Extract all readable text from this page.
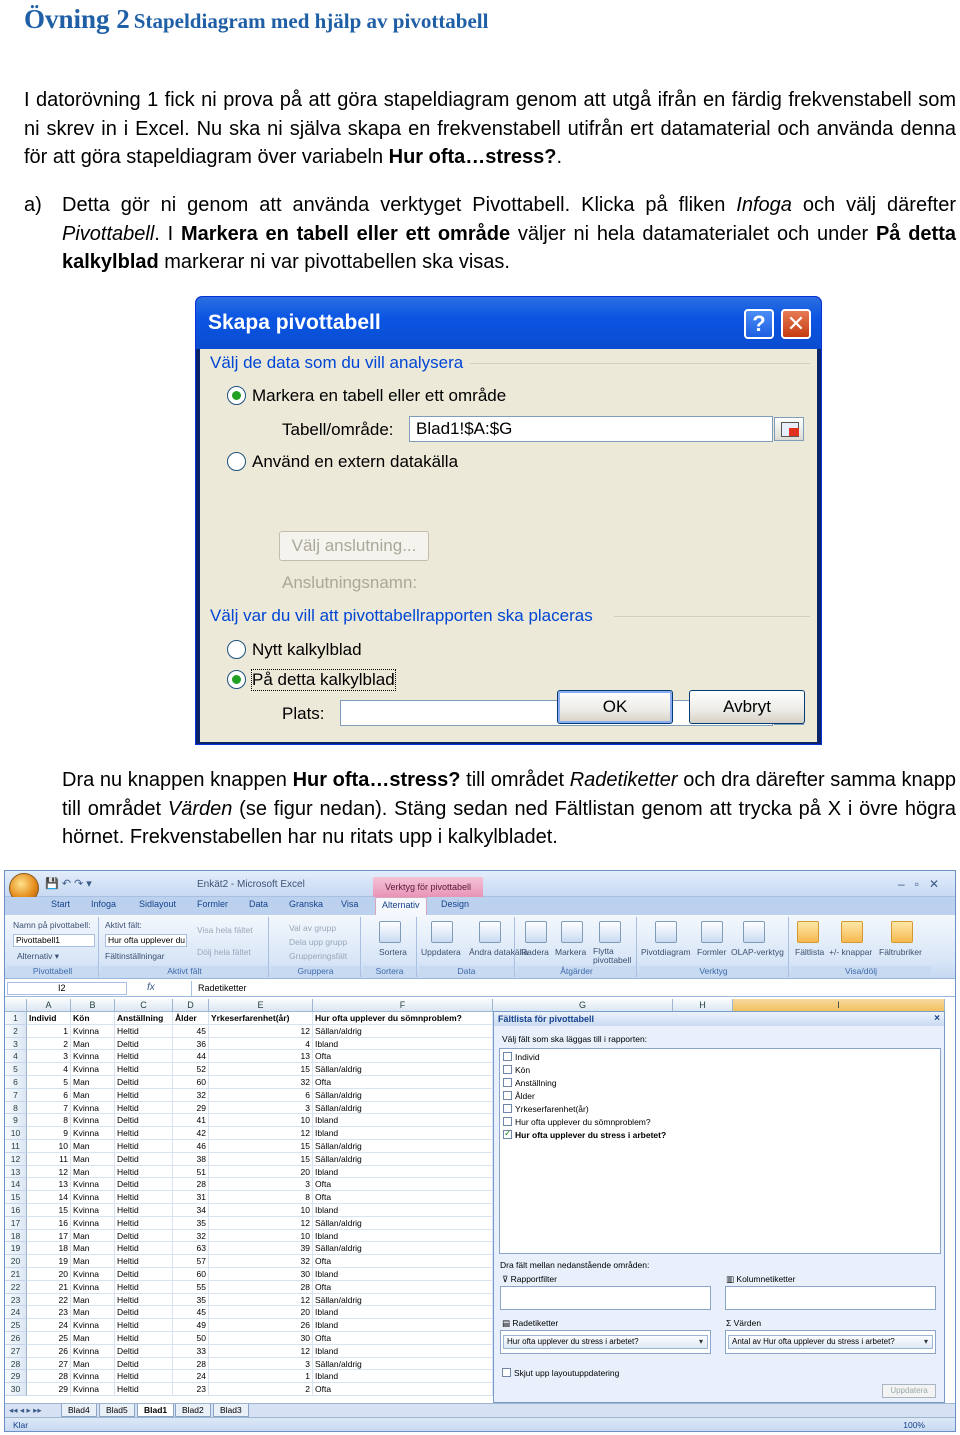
Övning 2 Stapeldiagram med hjälp av pivottabell

I datorövning 1 fick ni prova på att göra stapeldiagram genom att utgå ifrån en färdig frekvenstabell som ni skrev in i Excel. Nu ska ni själva skapa en frekvenstabell utifrån ert datamaterial och använda denna för att göra stapeldiagram över variabeln Hur ofta…stress?.

a) Detta gör ni genom att använda verktyget Pivottabell. Klicka på fliken Infoga och välj därefter Pivottabell. I Markera en tabell eller ett område väljer ni hela datamaterialet och under På detta kalkylblad markerar ni var pivottabellen ska visas.
Skapa pivottabell	? ✕
Välj de data som du vill analysera
Markera en tabell eller ett område
Tabell/område:	Blad1!$A:$G
Använd en extern datakälla
Välj anslutning...
Anslutningsnamn:
Välj var du vill att pivottabellrapporten ska placeras
Nytt kalkylblad
På detta kalkylblad
Plats:	OK	Avbryt

Dra nu knappen knappen Hur ofta…stress? till området Radetiketter och dra därefter samma knapp till området Värden (se figur nedan). Stäng sedan ned Fältlistan genom att trycka på X i övre högra hörnet. Frekvenstabellen har nu ritats upp i kalkylbladet.

💾 ↶ ↷ ▾	Enkät2 - Microsoft Excel	Verktyg för pivottabell	–▫✕
Start Infoga	Sidlayout Formler Data Granska Visa	Alternativ	Design
Namn på pivottabell:
Pivottabell1
Alternativ ▾
Pivottabell
Aktivt fält:
Hur ofta upplever du
Fältinställningar
Visa hela fältet
Dölj hela fältet
Aktivt fält
Val av grupp
Dela upp grupp
Grupperingsfält
Gruppera
Sortera
Sortera
Uppdatera Ändra datakälla
Data
Radera Markera Flytta pivottabell
Åtgärder
Pivotdiagram Formler OLAP-verktyg
Verktyg
Fältlista +/- knappar Fältrubriker
Visa/dölj
I2	fx	Radetiketter
A	B	C	D	E	F	G	H	I
1	Individ	Kön	Anställning	Ålder	Yrkeserfarenhet(år)	Hur ofta upplever du sömnproblem?
2	1 Kvinna	Heltid	45	12 Sällan/aldrig
3	2 Man	Deltid	36	4 Ibland
4	3 Kvinna	Heltid	44	13 Ofta
5	4 Kvinna	Heltid	52	15 Sällan/aldrig
6	5 Man	Deltid	60	32 Ofta
7	6 Man	Heltid	32	6 Sällan/aldrig
8	7 Kvinna	Heltid	29	3 Sällan/aldrig
9	8 Kvinna	Deltid	41	10 Ibland
10	9 Kvinna	Heltid	42	12 Ibland
11	10 Man	Heltid	46	15 Sällan/aldrig
12	11 Man	Deltid	38	15 Sällan/aldrig
13	12 Man	Heltid	51	20 Ibland
14	13 Kvinna	Deltid	28	3 Ofta
15	14 Kvinna	Heltid	31	8 Ofta
16	15 Kvinna	Heltid	34	10 Ibland
17	16 Kvinna	Heltid	35	12 Sällan/aldrig
18	17 Man	Deltid	32	10 Ibland
19	18 Man	Heltid	63	39 Sällan/aldrig
20	19 Man	Heltid	57	32 Ofta
21	20 Kvinna	Deltid	60	30 Ibland
22	21 Kvinna	Heltid	55	28 Ofta
23	22 Man	Heltid	35	12 Sällan/aldrig
24	23 Man	Deltid	45	20 Ibland
25	24 Kvinna	Heltid	49	26 Ibland
26	25 Man	Heltid	50	30 Ofta
27	26 Kvinna	Deltid	33	12 Ibland
28	27 Man	Deltid	28	3 Sällan/aldrig
29	28 Kvinna	Heltid	24	1 Ibland
30	29 Kvinna	Heltid	23	2 Ofta
Fältlista för pivottabell	×
Välj fält som ska läggas till i rapporten:
Individ
Kön
Anställning
Ålder
Yrkeserfarenhet(år)
Hur ofta upplever du sömnproblem?
✓Hur ofta upplever du stress i arbetet?
Dra fält mellan nedanstående områden:
⊽ Rapportfilter	▥ Kolumnetiketter
▤ Radetiketter	Σ Värden
Hur ofta upplever du stress i arbetet? ▾	Antal av Hur ofta upplever du stress i arbetet? ▾
Skjut upp layoutuppdatering
Uppdatera
◂◂ ◂ ▸ ▸▸	Blad4	Blad5	Blad1	Blad2	Blad3
Klar	100%
